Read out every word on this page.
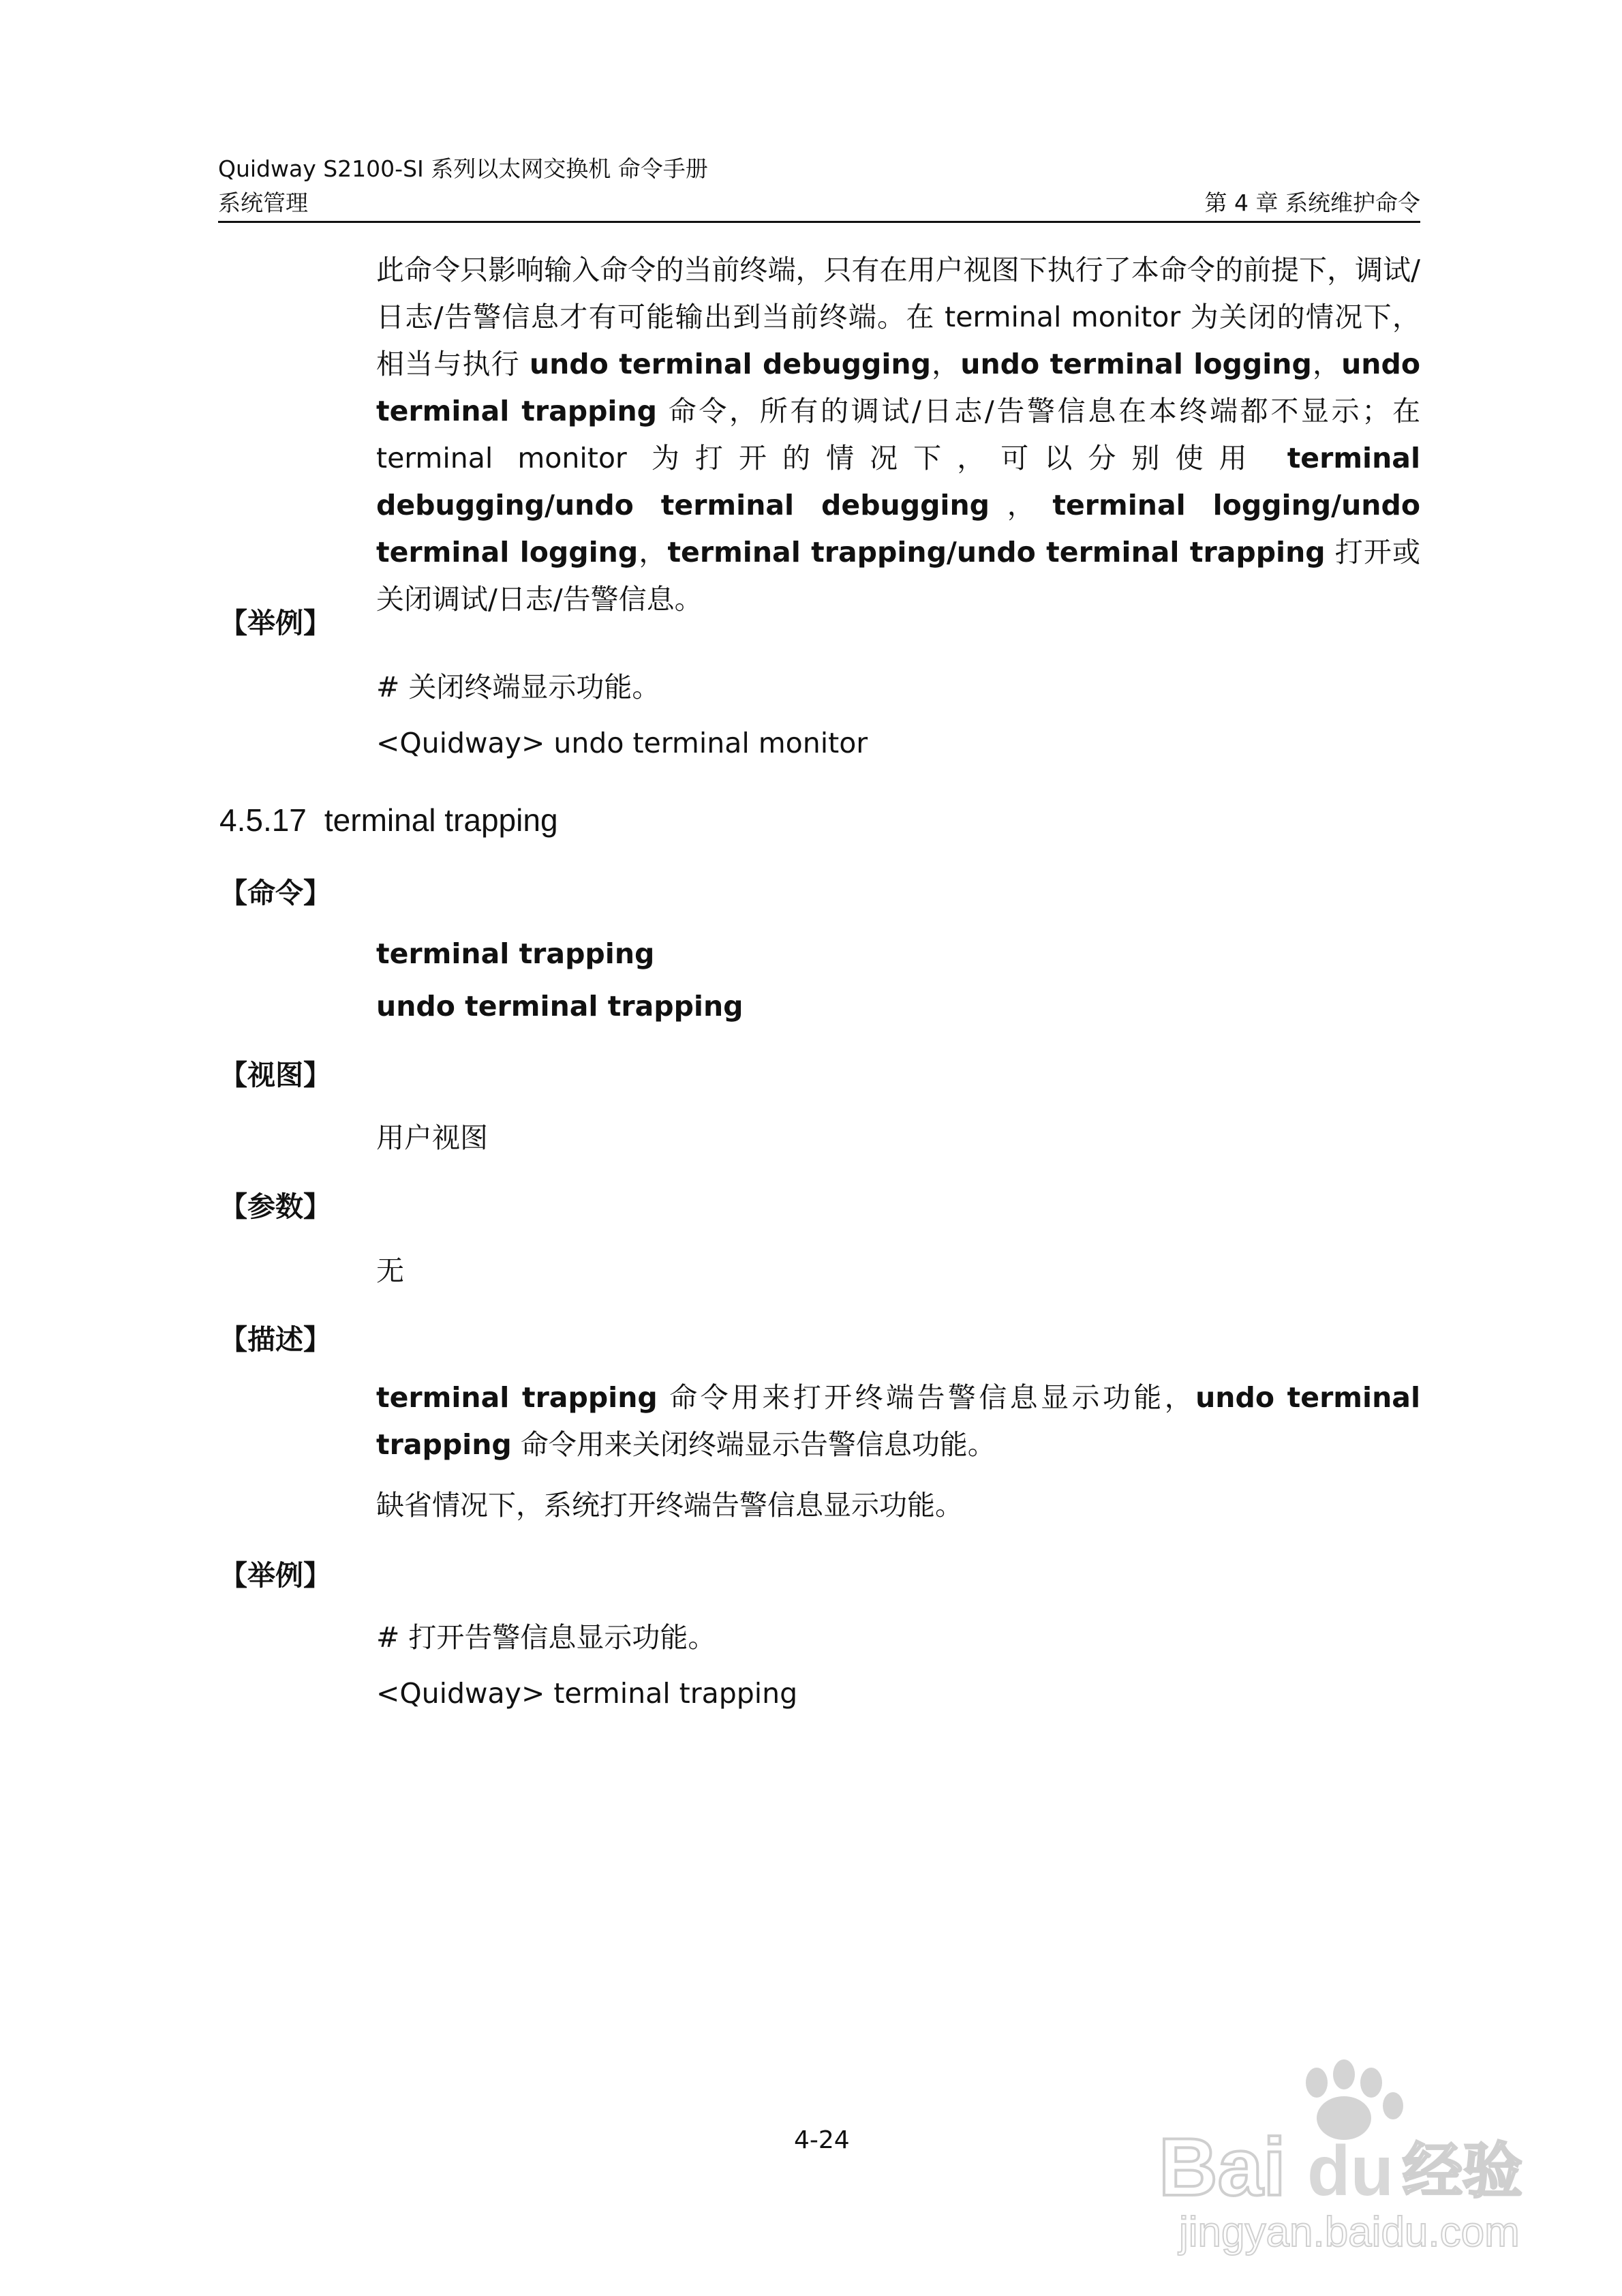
Quidway S2100-SI 系列以太网交换机 命令手册
系统管理	第 4 章 系统维护命令

此命令只影响输入命令的当前终端，只有在用户视图下执行了本命令的前提下，调试/日志/告警信息才有可能输出到当前终端。在 terminal monitor 为关闭的情况下，相当与执行 undo terminal debugging，undo terminal logging，undo terminal trapping 命令，所有的调试/日志/告警信息在本终端都不显示；在 terminal monitor 为打开的情况下，可以分别使用 terminal debugging/undo terminal debugging，terminal logging/undo terminal logging，terminal trapping/undo terminal trapping 打开或关闭调试/日志/告警信息。

【举例】

# 关闭终端显示功能。

<Quidway> undo terminal monitor

4.5.17 terminal trapping

【命令】

terminal trapping

undo terminal trapping

【视图】

用户视图

【参数】

无

【描述】

terminal trapping 命令用来打开终端告警信息显示功能，undo terminal trapping 命令用来关闭终端显示告警信息功能。

缺省情况下，系统打开终端告警信息显示功能。

【举例】

# 打开告警信息显示功能。

<Quidway> terminal trapping

4-24	Bai du 经验
jingyan.baidu.com
